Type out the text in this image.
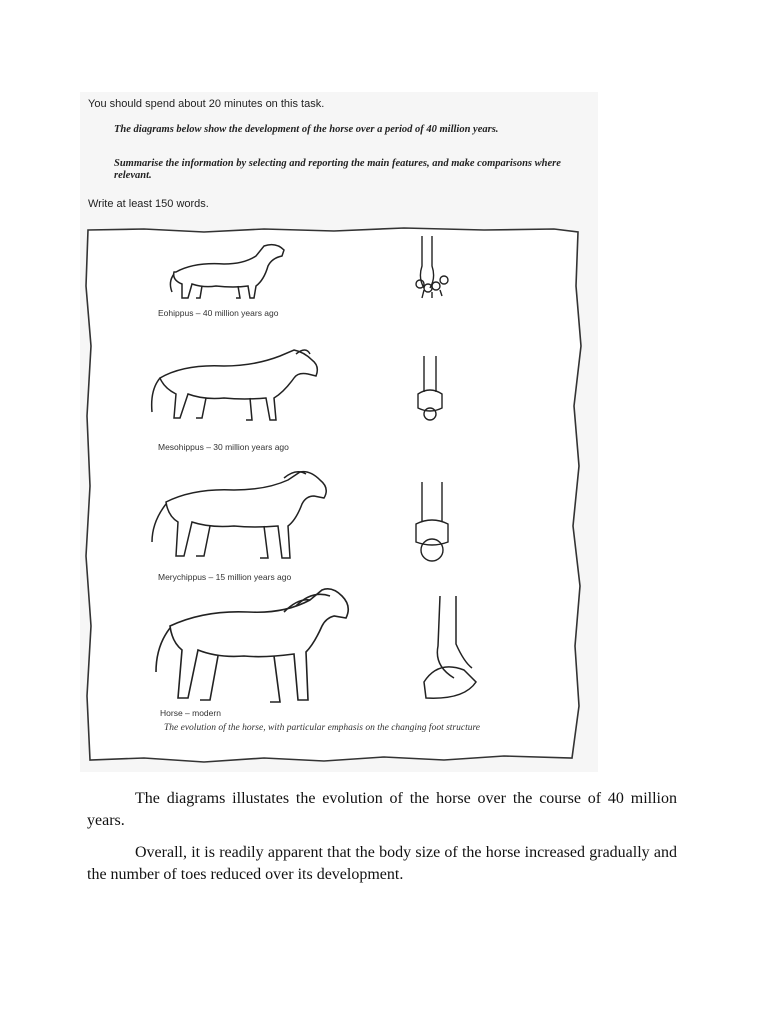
You should spend about 20 minutes on this task.
The diagrams below show the development of the horse over a period of 40 million years.
Summarise the information by selecting and reporting the main features, and make comparisons where relevant.
Write at least 150 words.
Eohippus – 40 million years ago
Mesohippus – 30 million years ago
Merychippus – 15 million years ago
Horse – modern
The evolution of the horse, with particular emphasis on the changing foot structure
The diagrams illustates the evolution of the horse over the course of 40 million years.
Overall, it is readily apparent that the body size of the horse increased gradually and the number of toes reduced over its development.
